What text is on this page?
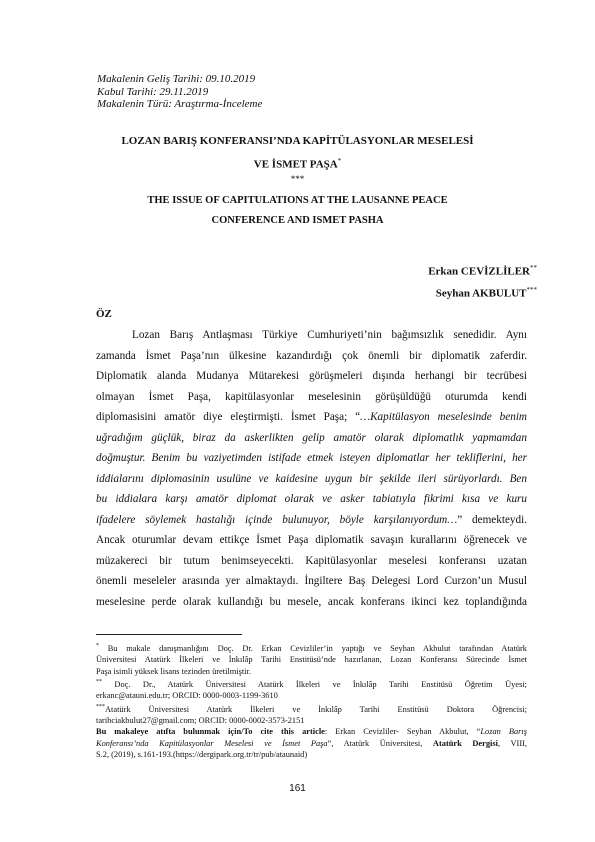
Makalenin Geliş Tarihi: 09.10.2019
Kabul Tarihi: 29.11.2019
Makalenin Türü: Araştırma-İnceleme
LOZAN BARIŞ KONFERANSI’NDA KAPİTÜLASYONLAR MESELESİ
VE İSMET PAŞA*
***
THE ISSUE OF CAPITULATIONS AT THE LAUSANNE PEACE
CONFERENCE AND ISMET PASHA
Erkan CEVİZLİLER**
Seyhan AKBULUT***
ÖZ
Lozan Barış Antlaşması Türkiye Cumhuriyeti’nin bağımsızlık senedidir. Aynı
zamanda İsmet Paşa’nın ülkesine kazandırdığı çok önemli bir diplomatik zaferdir.
Diplomatik alanda Mudanya Mütarekesi görüşmeleri dışında herhangi bir tecrübesi
olmayan İsmet Paşa, kapitülasyonlar meselesinin görüşüldüğü oturumda kendi
diplomasisini amatör diye eleştirmişti. İsmet Paşa; “…Kapitülasyon meselesinde benim
uğradığım güçlük, biraz da askerlikten gelip amatör olarak diplomatlık yapmamdan
doğmuştur. Benim bu vaziyetimden istifade etmek isteyen diplomatlar her tekliflerini, her
iddialarını diplomasinin usulüne ve kaidesine uygun bir şekilde ileri sürüyorlardı. Ben
bu iddialara karşı amatör diplomat olarak ve asker tabiatıyla fikrimi kısa ve kuru
ifadelere söylemek hastalığı içinde bulunuyor, böyle karşılanıyordum…” demekteydi.
Ancak oturumlar devam ettikçe İsmet Paşa diplomatik savaşın kurallarını öğrenecek ve
müzakereci bir tutum benimseyecekti. Kapitülasyonlar meselesi konferansı uzatan
önemli meseleler arasında yer almaktaydı. İngiltere Baş Delegesi Lord Curzon’un Musul
meselesine perde olarak kullandığı bu mesele, ancak konferans ikinci kez toplandığında
* Bu makale danışmanlığını Doç. Dr. Erkan Cevizliler’in yaptığı ve Seyhan Akbulut tarafından Atatürk
Üniversitesi Atatürk İlkeleri ve İnkılâp Tarihi Enstitüsü’nde hazırlanan, Lozan Konferansı Sürecinde İsmet
Paşa isimli yüksek lisans tezinden üretilmiştir.
** Doç. Dr., Atatürk Üniversitesi Atatürk İlkeleri ve İnkılâp Tarihi Enstitüsü Öğretim Üyesi;
erkanc@atauni.edu.tr; ORCID: 0000-0003-1199-3610
***Atatürk Üniversitesi Atatürk İlkeleri ve İnkılâp Tarihi Enstitüsü Doktora Öğrencisi;
tarihciakbulut27@gmail.com; ORCID: 0000-0002-3573-2151
Bu makaleye atıfta bulunmak için/To cite this article: Erkan Cevizliler- Seyhan Akbulut, “Lozan Barış
Konferansı’nda Kapitülasyonlar Meselesi ve İsmet Paşa”, Atatürk Üniversitesi, Atatürk Dergisi, VIII,
S.2, (2019), s.161-193.(https://dergipark.org.tr/tr/pub/ataunaid)
161
